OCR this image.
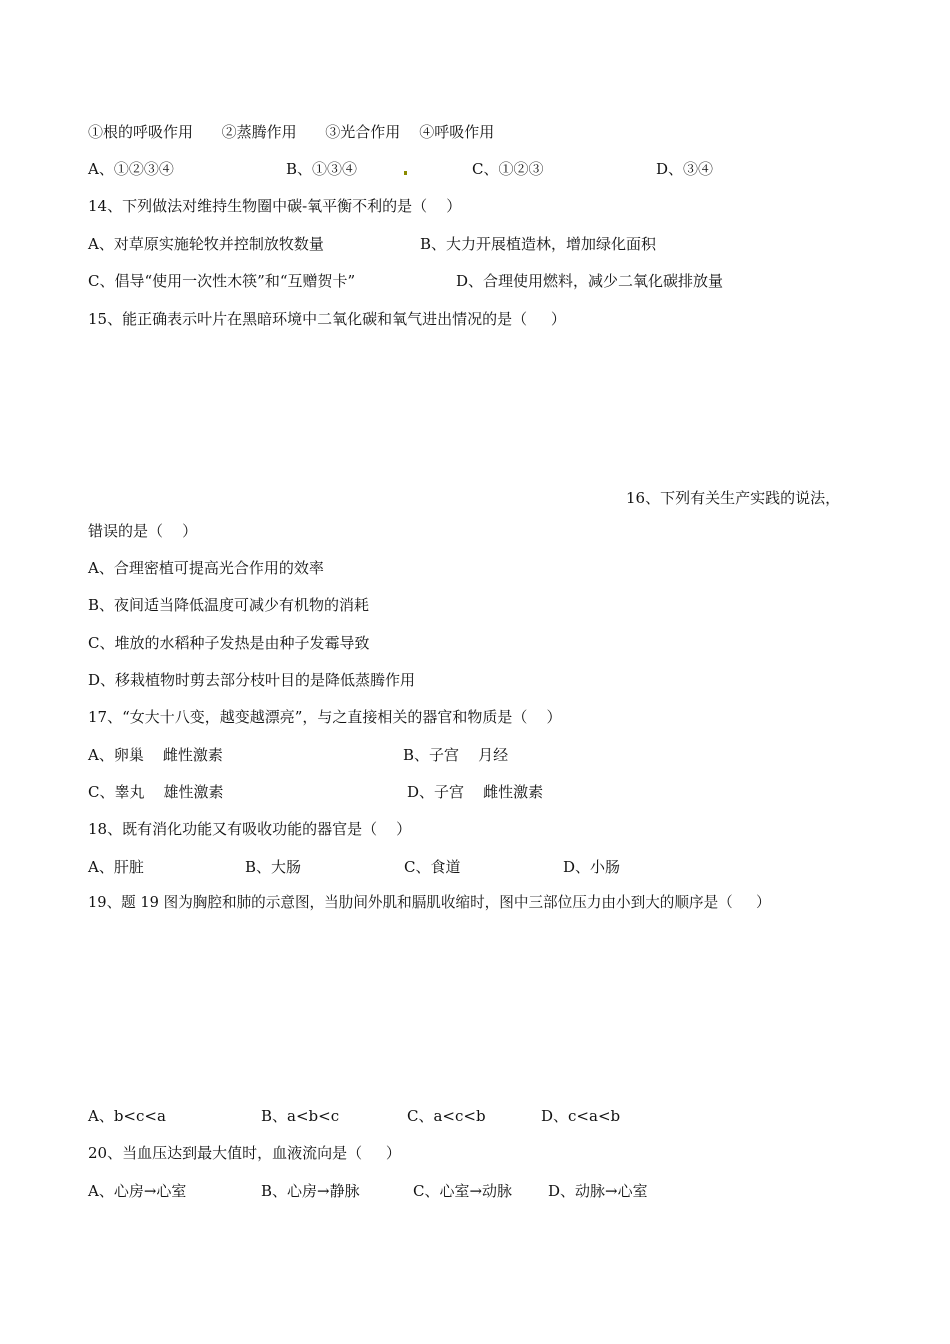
①根的呼吸作用      ②蒸腾作用      ③光合作用    ④呼吸作用
A、①②③④	B、①③④	C、①②③	D、③④
14、下列做法对维持生物圈中碳-氧平衡不利的是（    ）
A、对草原实施轮牧并控制放牧数量	B、大力开展植造林，增加绿化面积
C、倡导“使用一次性木筷”和“互赠贺卡”	D、合理使用燃料，减少二氧化碳排放量
15、能正确表示叶片在黑暗环境中二氧化碳和氧气进出情况的是（     ）
16、下列有关生产实践的说法，
错误的是（    ）
A、合理密植可提高光合作用的效率
B、夜间适当降低温度可减少有机物的消耗
C、堆放的水稻种子发热是由种子发霉导致
D、移栽植物时剪去部分枝叶目的是降低蒸腾作用
17、“女大十八变，越变越漂亮”，与之直接相关的器官和物质是（    ）
A、卵巢    雌性激素	B、子宫    月经
C、睾丸    雄性激素	D、子宫    雌性激素
18、既有消化功能又有吸收功能的器官是（    ）
A、肝脏	B、大肠	C、食道	D、小肠
19、题 19 图为胸腔和肺的示意图，当肋间外肌和膈肌收缩时，图中三部位压力由小到大的顺序是（     ）
A、b<c<a	B、a<b<c	C、a<c<b	D、c<a<b
20、当血压达到最大值时，血液流向是（     ）
A、心房→心室	B、心房→静脉	C、心室→动脉 D、动脉→心室
